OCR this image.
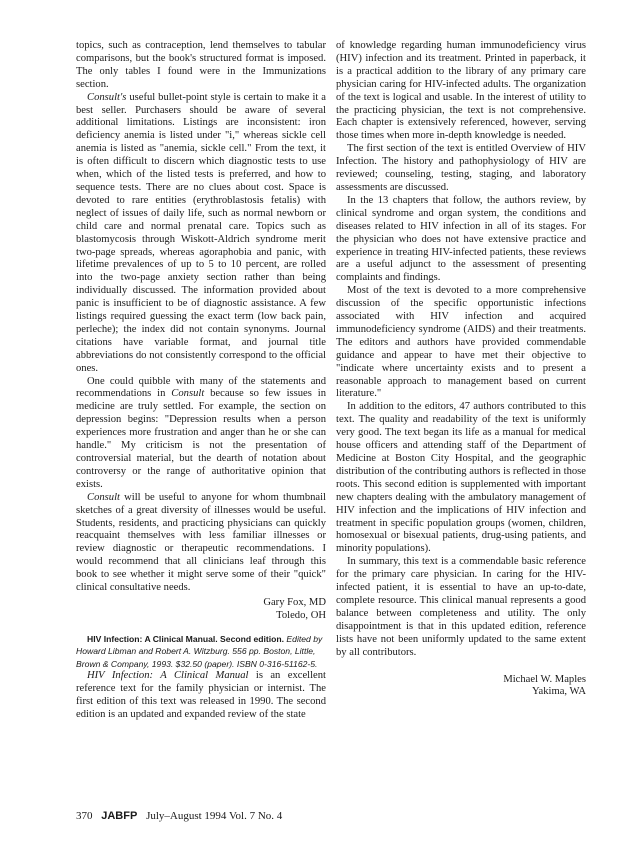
topics, such as contraception, lend themselves to tabular comparisons, but the book's structured format is imposed. The only tables I found were in the Immunizations section.

Consult's useful bullet-point style is certain to make it a best seller. Purchasers should be aware of several additional limitations. Listings are inconsistent: iron deficiency anemia is listed under "i," whereas sickle cell anemia is listed as "anemia, sickle cell." From the text, it is often difficult to discern which diagnostic tests to use when, which of the listed tests is preferred, and how to sequence tests. There are no clues about cost. Space is devoted to rare entities (erythroblastosis fetalis) with neglect of issues of daily life, such as normal newborn or child care and normal prenatal care. Topics such as blastomycosis through Wiskott-Aldrich syndrome merit two-page spreads, whereas agoraphobia and panic, with lifetime prevalences of up to 5 to 10 percent, are rolled into the two-page anxiety section rather than being individually discussed. The information provided about panic is insufficient to be of diagnostic assistance. A few listings required guessing the exact term (low back pain, perleche); the index did not contain synonyms. Journal citations have variable format, and journal title abbreviations do not consistently correspond to the official ones.

One could quibble with many of the statements and recommendations in Consult because so few issues in medicine are truly settled. For example, the section on depression begins: "Depression results when a person experiences more frustration and anger than he or she can handle." My criticism is not the presentation of controversial material, but the dearth of notation about controversy or the range of authoritative opinion that exists.

Consult will be useful to anyone for whom thumbnail sketches of a great diversity of illnesses would be useful. Students, residents, and practicing physicians can quickly reacquaint themselves with less familiar illnesses or review diagnostic or therapeutic recommendations. I would recommend that all clinicians leaf through this book to see whether it might serve some of their "quick" clinical consultative needs.

Gary Fox, MD

Toledo, OH

HIV Infection: A Clinical Manual. Second edition. Edited by Howard Libman and Robert A. Witzburg. 556 pp. Boston, Little, Brown & Company, 1993. $32.50 (paper). ISBN 0-316-51162-5.

HIV Infection: A Clinical Manual is an excellent reference text for the family physician or internist. The first edition of this text was released in 1990. The second edition is an updated and expanded review of the state

of knowledge regarding human immunodeficiency virus (HIV) infection and its treatment. Printed in paperback, it is a practical addition to the library of any primary care physician caring for HIV-infected adults. The organization of the text is logical and usable. In the interest of utility to the practicing physician, the text is not comprehensive. Each chapter is extensively referenced, however, serving those times when more in-depth knowledge is needed.

The first section of the text is entitled Overview of HIV Infection. The history and pathophysiology of HIV are reviewed; counseling, testing, staging, and laboratory assessments are discussed.

In the 13 chapters that follow, the authors review, by clinical syndrome and organ system, the conditions and diseases related to HIV infection in all of its stages. For the physician who does not have extensive practice and experience in treating HIV-infected patients, these reviews are a useful adjunct to the assessment of presenting complaints and findings.

Most of the text is devoted to a more comprehensive discussion of the specific opportunistic infections associated with HIV infection and acquired immunodeficiency syndrome (AIDS) and their treatments. The editors and authors have provided commendable guidance and appear to have met their objective to "indicate where uncertainty exists and to present a reasonable approach to management based on current literature."

In addition to the editors, 47 authors contributed to this text. The quality and readability of the text is uniformly very good. The text began its life as a manual for medical house officers and attending staff of the Department of Medicine at Boston City Hospital, and the geographic distribution of the contributing authors is reflected in those roots. This second edition is supplemented with important new chapters dealing with the ambulatory management of HIV infection and the implications of HIV infection and treatment in specific population groups (women, children, homosexual or bisexual patients, drug-using patients, and minority populations).

In summary, this text is a commendable basic reference for the primary care physician. In caring for the HIV-infected patient, it is essential to have an up-to-date, complete resource. This clinical manual represents a good balance between completeness and utility. The only disappointment is that in this updated edition, reference lists have not been uniformly updated to the same extent by all contributors.

Michael W. Maples

Yakima, WA

370 JABFP July–August 1994 Vol. 7 No. 4
